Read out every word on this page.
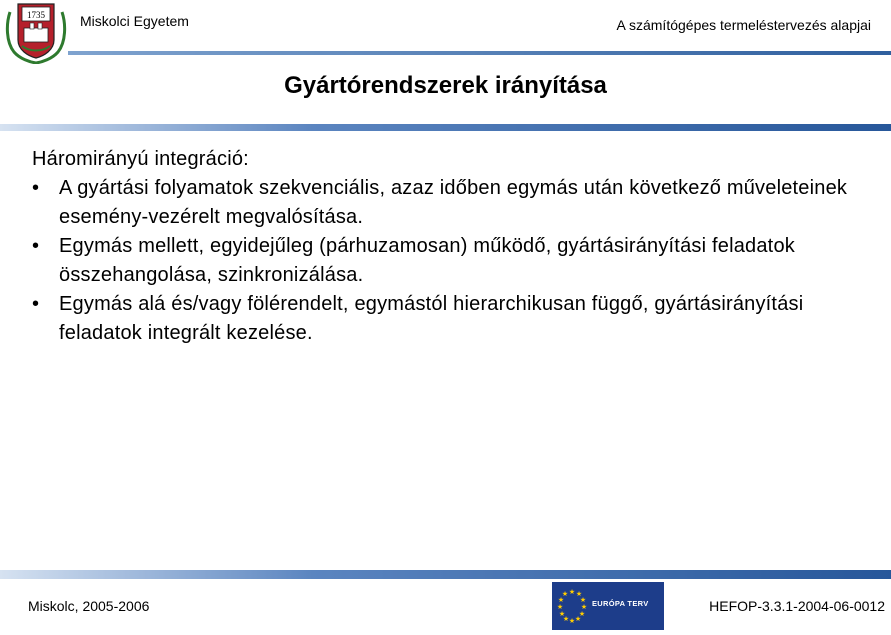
1735	Miskolci Egyetem	A számítógépes termeléstervezés alapjai
Gyártórendszerek irányítása

Háromirányú integráció:

• A gyártási folyamatok szekvenciális, azaz időben egymás után következő műveleteinek esemény-vezérelt megvalósítása.
• Egymás mellett, egyidejűleg (párhuzamosan) működő, gyártásirányítási feladatok összehangolása, szinkronizálása.
• Egymás alá és/vagy fölérendelt, egymástól hierarchikusan függő, gyártásirányítási feladatok integrált kezelése.
Miskolc, 2005-2006
★ ★
★
★
★
★
★
★
★
★
★
★
EURÓPA TERV	HEFOP-3.3.1-2004-06-0012
